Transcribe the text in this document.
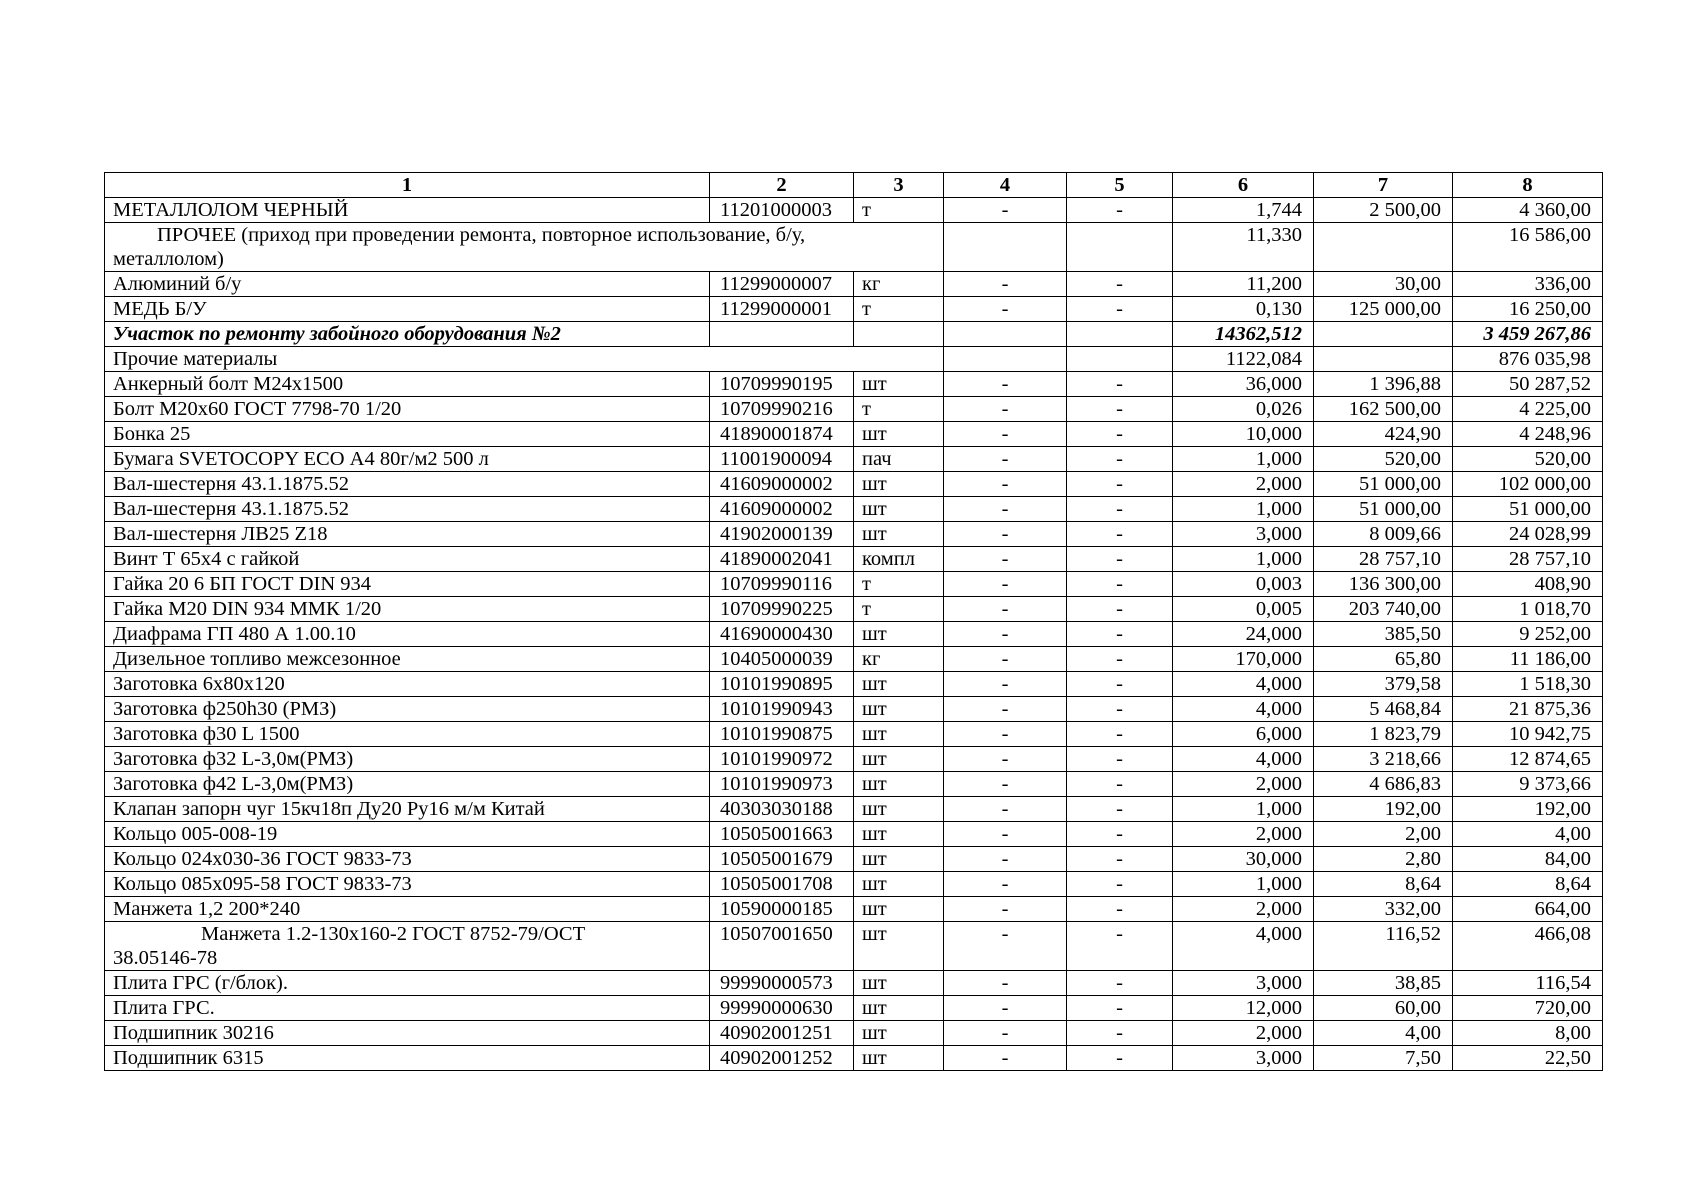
1	2	3	4	5	6	7	8
МЕТАЛЛОЛОМ ЧЕРНЫЙ	11201000003	т	-	-	1,744	2 500,00	4 360,00

ПРОЧЕЕ (приход при проведении ремонта, повторное использование, б/у,
металлолом)					11,330		16 586,00
Алюминий б/у	11299000007	кг	-	-	11,200	30,00	336,00
МЕДЬ Б/У	11299000001	т	-	-	0,130	125 000,00	16 250,00
Участок по ремонту забойного оборудования №2					14362,512		3 459 267,86
Прочие материалы					1122,084		876 035,98
Анкерный болт М24х1500	10709990195	шт	-	-	36,000	1 396,88	50 287,52
Болт М20х60 ГОСТ 7798-70 1/20	10709990216	т	-	-	0,026	162 500,00	4 225,00
Бонка 25	41890001874	шт	-	-	10,000	424,90	4 248,96
Бумага SVETOCOPY ECO А4 80г/м2 500 л	11001900094	пач	-	-	1,000	520,00	520,00
Вал-шестерня 43.1.1875.52	41609000002	шт	-	-	2,000	51 000,00	102 000,00
Вал-шестерня 43.1.1875.52	41609000002	шт	-	-	1,000	51 000,00	51 000,00
Вал-шестерня ЛВ25 Z18	41902000139	шт	-	-	3,000	8 009,66	24 028,99
Винт Т 65х4 с гайкой	41890002041	компл	-	-	1,000	28 757,10	28 757,10
Гайка 20 6 БП ГОСТ DIN 934	10709990116	т	-	-	0,003	136 300,00	408,90
Гайка М20 DIN 934 ММК 1/20	10709990225	т	-	-	0,005	203 740,00	1 018,70
Диафрама ГП 480 А 1.00.10	41690000430	шт	-	-	24,000	385,50	9 252,00
Дизельное топливо межсезонное	10405000039	кг	-	-	170,000	65,80	11 186,00
Заготовка 6х80х120	10101990895	шт	-	-	4,000	379,58	1 518,30
Заготовка ф250h30 (РМЗ)	10101990943	шт	-	-	4,000	5 468,84	21 875,36
Заготовка ф30 L 1500	10101990875	шт	-	-	6,000	1 823,79	10 942,75
Заготовка ф32 L-3,0м(РМЗ)	10101990972	шт	-	-	4,000	3 218,66	12 874,65
Заготовка ф42 L-3,0м(РМЗ)	10101990973	шт	-	-	2,000	4 686,83	9 373,66
Клапан запорн чуг 15кч18п Ду20 Ру16 м/м Китай	40303030188	шт	-	-	1,000	192,00	192,00
Кольцо 005-008-19	10505001663	шт	-	-	2,000	2,00	4,00
Кольцо 024х030-36 ГОСТ 9833-73	10505001679	шт	-	-	30,000	2,80	84,00
Кольцо 085х095-58 ГОСТ 9833-73	10505001708	шт	-	-	1,000	8,64	8,64
Манжета 1,2 200*240	10590000185	шт	-	-	2,000	332,00	664,00

Манжета 1.2-130х160-2 ГОСТ 8752-79/ОСТ
38.05146-78	10507001650	шт	-	-	4,000	116,52	466,08
Плита ГРС (г/блок).	99990000573	шт	-	-	3,000	38,85	116,54
Плита ГРС.	99990000630	шт	-	-	12,000	60,00	720,00
Подшипник 30216	40902001251	шт	-	-	2,000	4,00	8,00
Подшипник 6315	40902001252	шт	-	-	3,000	7,50	22,50
